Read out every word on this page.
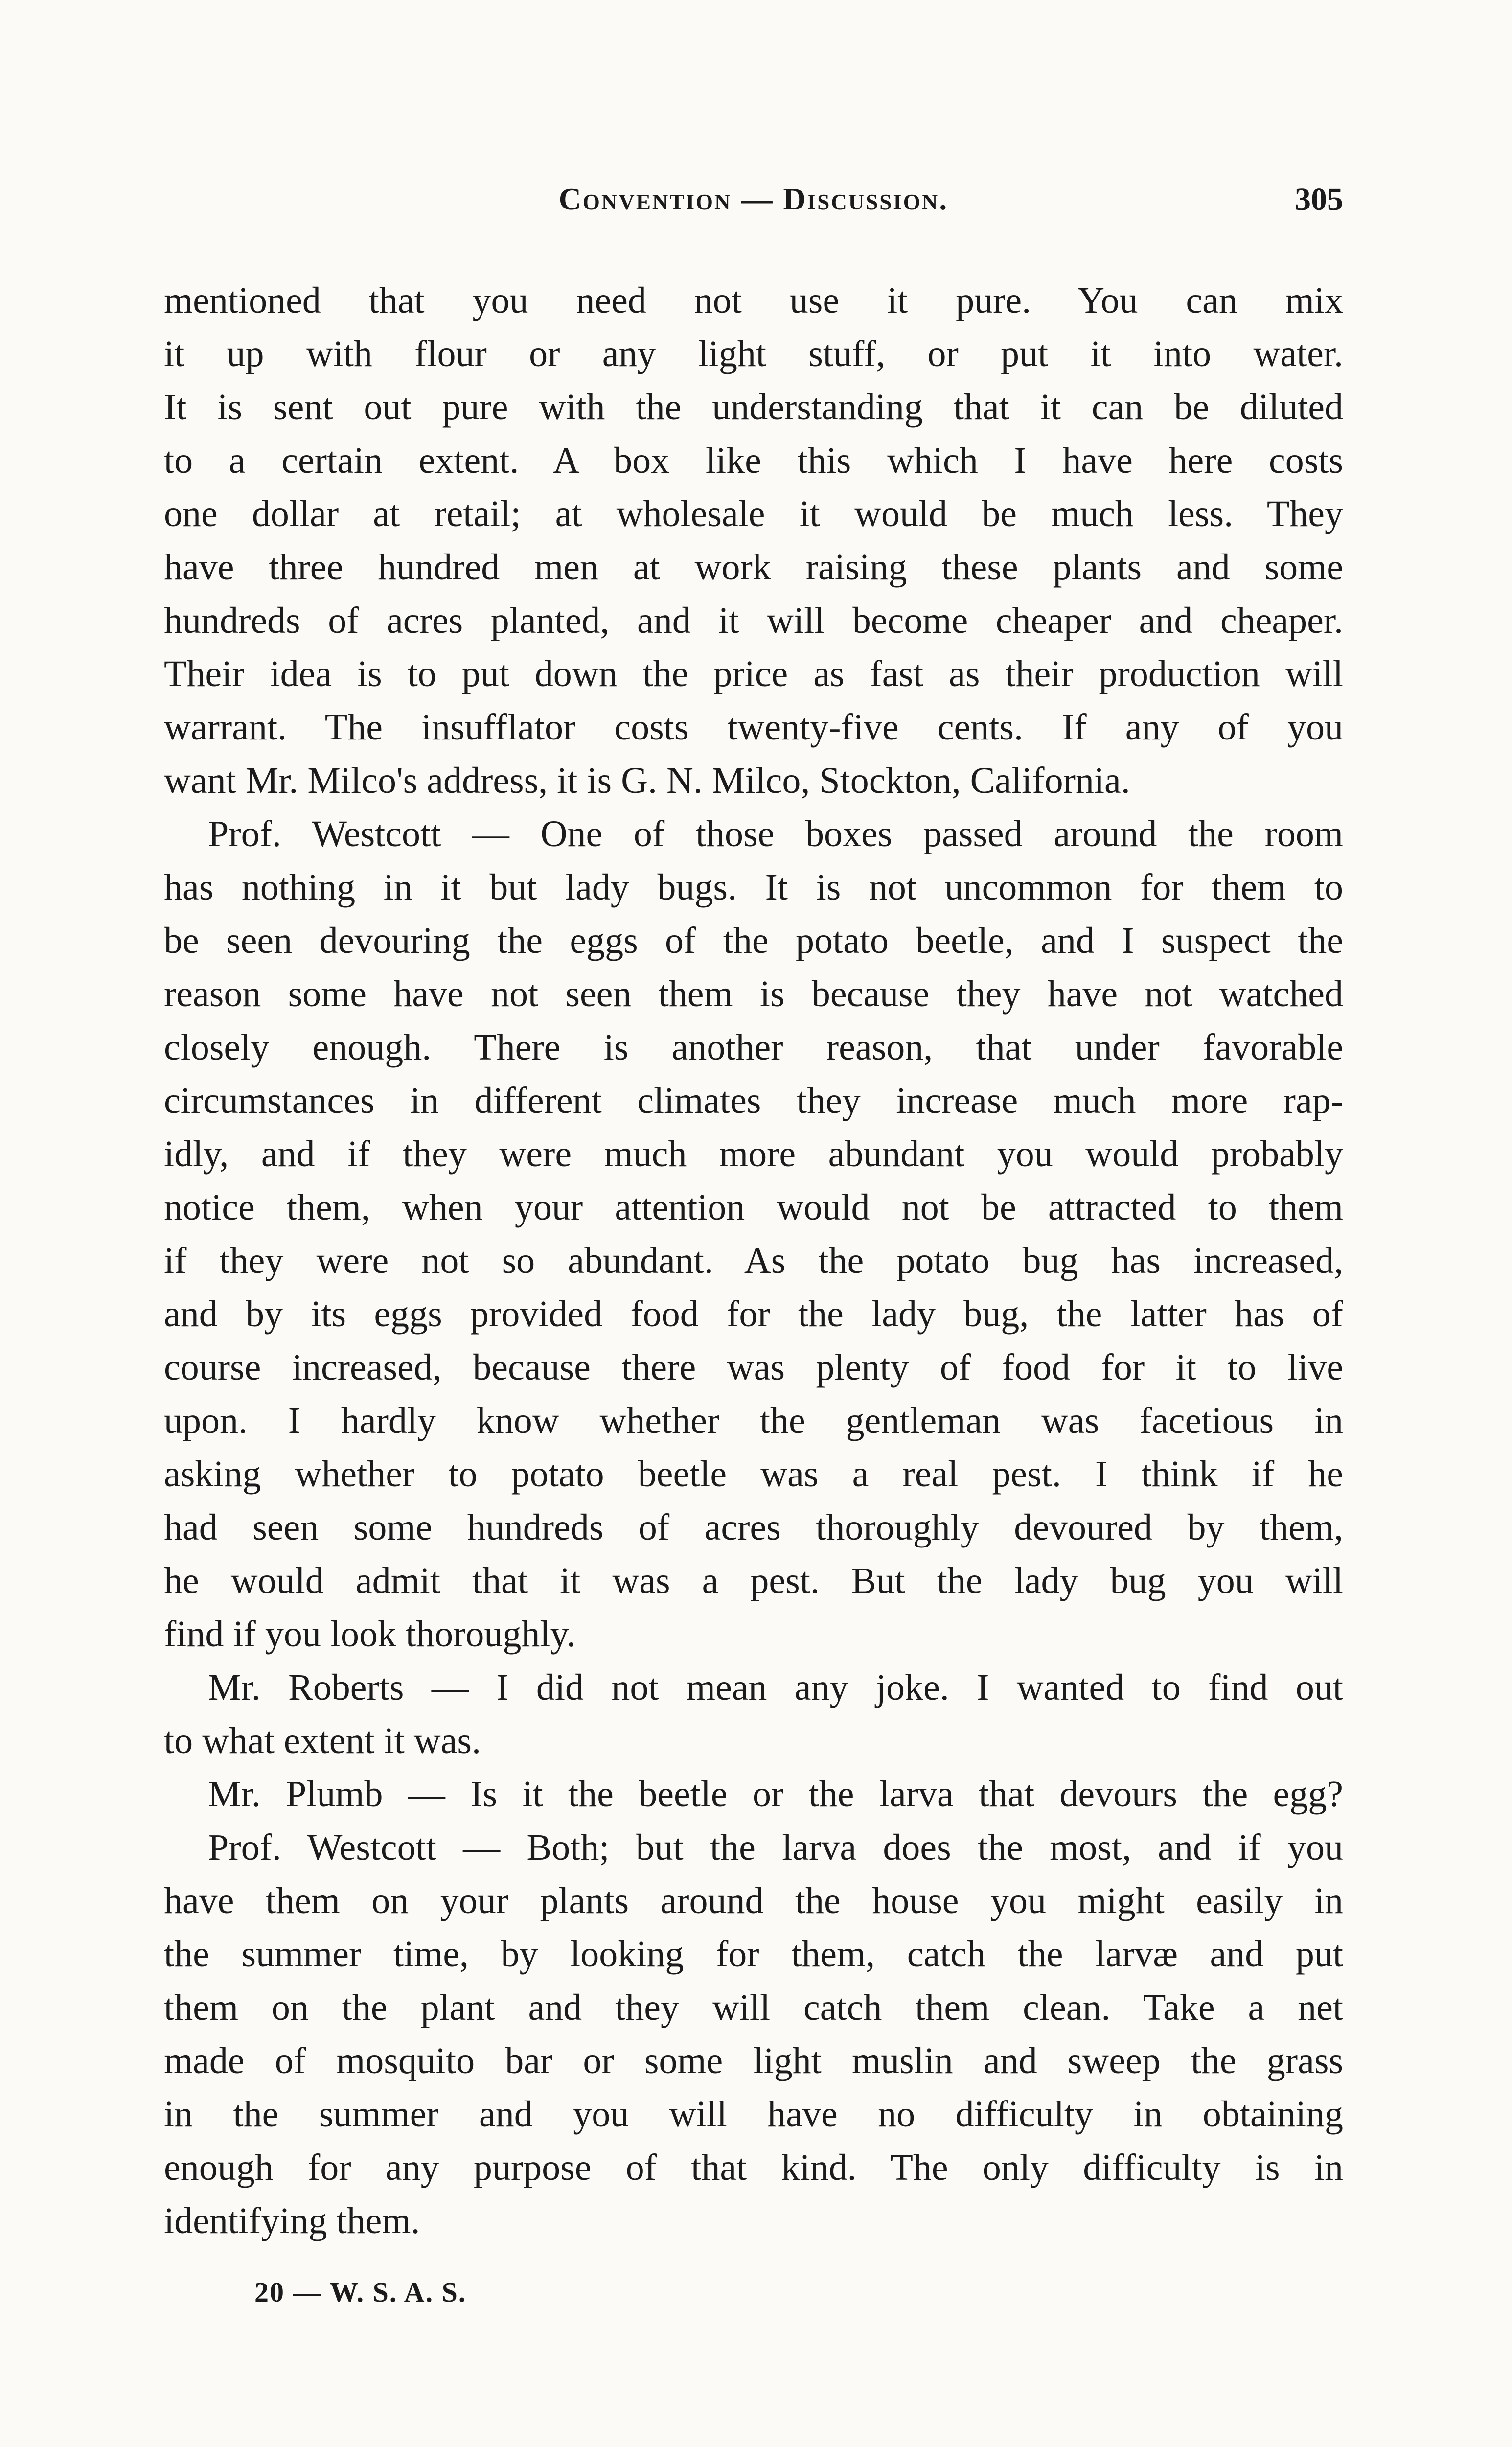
Convention — Discussion.	305
mentioned that you need not use it pure. You can mix
it up with flour or any light stuff, or put it into water.
It is sent out pure with the understanding that it can be diluted
to a certain extent. A box like this which I have here costs
one dollar at retail; at wholesale it would be much less. They
have three hundred men at work raising these plants and some
hundreds of acres planted, and it will become cheaper and cheaper.
Their idea is to put down the price as fast as their production will
warrant. The insufflator costs twenty-five cents. If any of you
want Mr. Milco's address, it is G. N. Milco, Stockton, California.
Prof. Westcott — One of those boxes passed around the room
has nothing in it but lady bugs. It is not uncommon for them to
be seen devouring the eggs of the potato beetle, and I suspect the
reason some have not seen them is because they have not watched
closely enough. There is another reason, that under favorable
circumstances in different climates they increase much more rap-
idly, and if they were much more abundant you would probably
notice them, when your attention would not be attracted to them
if they were not so abundant. As the potato bug has increased,
and by its eggs provided food for the lady bug, the latter has of
course increased, because there was plenty of food for it to live
upon. I hardly know whether the gentleman was facetious in
asking whether to potato beetle was a real pest. I think if he
had seen some hundreds of acres thoroughly devoured by them,
he would admit that it was a pest. But the lady bug you will
find if you look thoroughly.
Mr. Roberts — I did not mean any joke. I wanted to find out
to what extent it was.
Mr. Plumb — Is it the beetle or the larva that devours the egg?
Prof. Westcott — Both; but the larva does the most, and if you
have them on your plants around the house you might easily in
the summer time, by looking for them, catch the larvæ and put
them on the plant and they will catch them clean. Take a net
made of mosquito bar or some light muslin and sweep the grass
in the summer and you will have no difficulty in obtaining
enough for any purpose of that kind. The only difficulty is in
identifying them.
20 — W. S. A. S.
